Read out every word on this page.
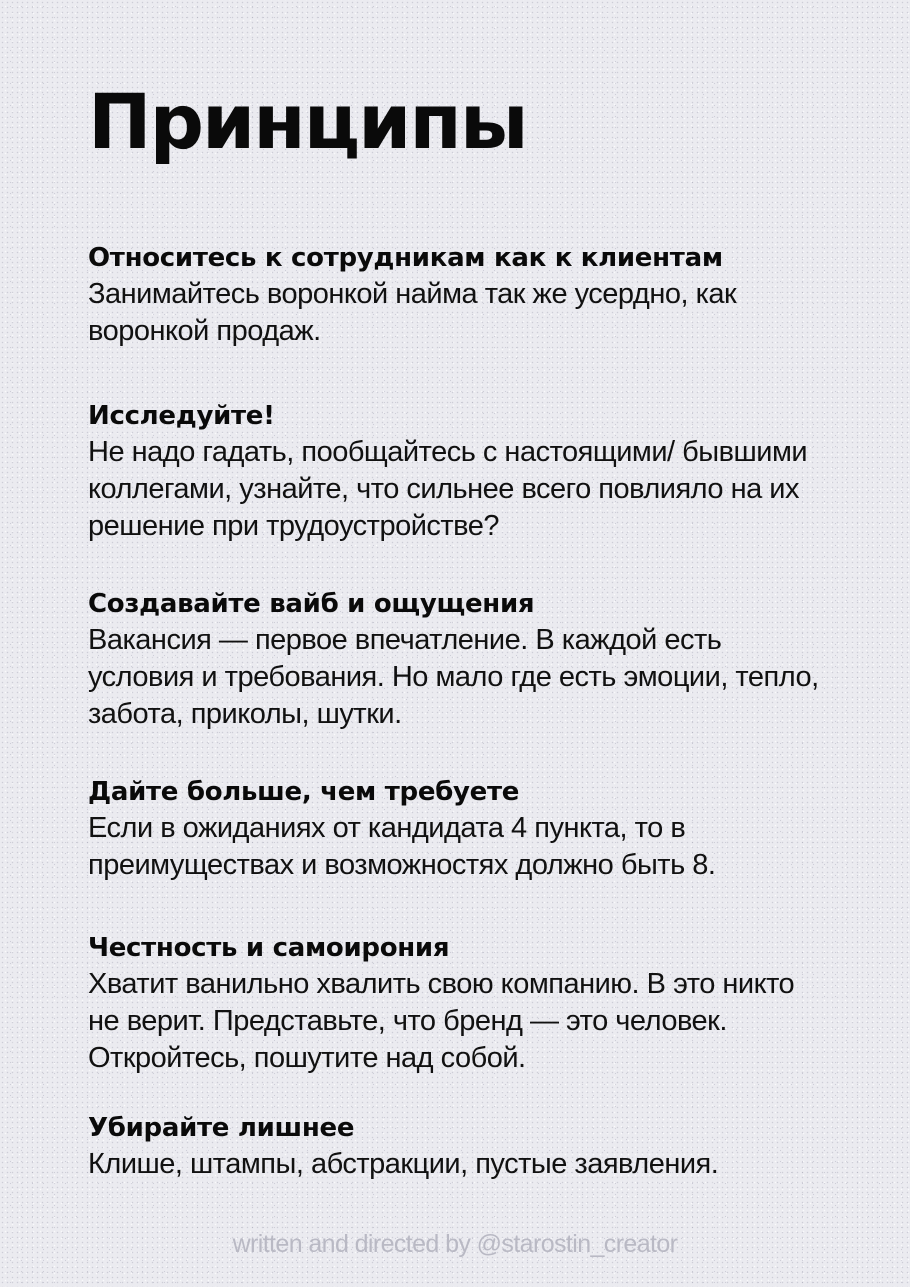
Принципы
Относитесь к сотрудникам как к клиентам

Занимайтесь воронкой найма так же усердно, как воронкой продаж.

Исследуйте!

Не надо гадать, пообщайтесь с настоящими/ бывшими коллегами, узнайте, что сильнее всего повлияло на их решение при трудоустройстве?

Создавайте вайб и ощущения

Вакансия — первое впечатление. В каждой есть условия и требования. Но мало где есть эмоции, тепло, забота, приколы, шутки.

Дайте больше, чем требуете

Если в ожиданиях от кандидата 4 пункта, то в преимуществах и возможностях должно быть 8.

Честность и самоирония

Хватит ванильно хвалить свою компанию. В это никто не верит. Представьте, что бренд — это человек. Откройтесь, пошутите над собой.

Убирайте лишнее

Клише, штампы, абстракции, пустые заявления.

written and directed by @starostin_creator
